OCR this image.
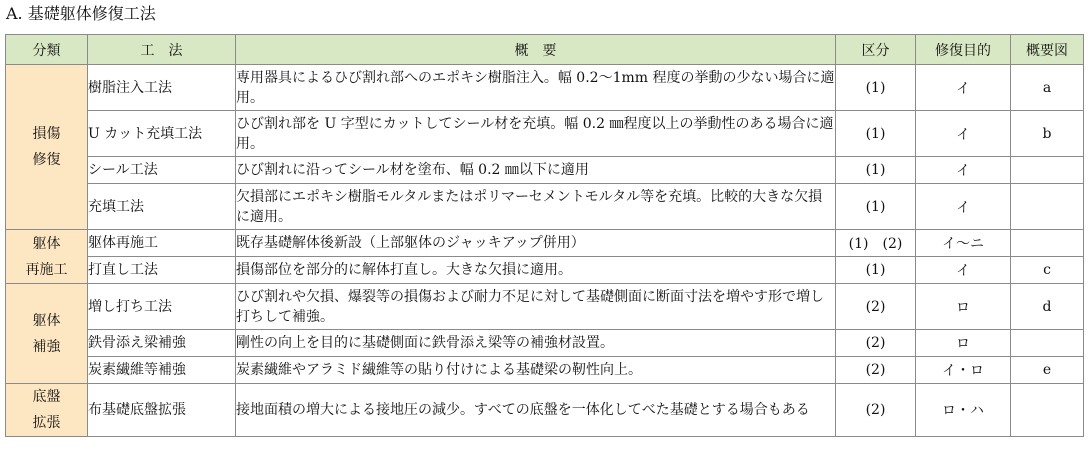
A. 基礎躯体修復工法
分類	工　法	概　要	区分	修復目的	概要図

損傷
修復	樹脂注入工法	専用器具によるひび割れ部へのエポキシ樹脂注入。幅 0.2～1mm 程度の挙動の少ない場合に適用。	(1)	イ	a
	U カット充填工法	ひび割れ部を U 字型にカットしてシール材を充填。幅 0.2 ㎜程度以上の挙動性のある場合に適用。	(1)	イ	b
	シール工法	ひび割れに沿ってシール材を塗布、幅 0.2 ㎜以下に適用	(1)	イ	
	充填工法	欠損部にエポキシ樹脂モルタルまたはポリマーセメントモルタル等を充填。比較的大きな欠損に適用。	(1)	イ	

躯体
再施工	躯体再施工	既存基礎解体後新設（上部躯体のジャッキアップ併用）	(1)　(2)	イ～ニ	
	打直し工法	損傷部位を部分的に解体打直し。大きな欠損に適用。	(1)	イ	c

躯体
補強	増し打ち工法	ひび割れや欠損、爆裂等の損傷および耐力不足に対して基礎側面に断面寸法を増やす形で増し打ちして補強。	(2)	ロ	d
	鉄骨添え梁補強	剛性の向上を目的に基礎側面に鉄骨添え梁等の補強材設置。	(2)	ロ	
	炭素繊維等補強	炭素繊維やアラミド繊維等の貼り付けによる基礎梁の靭性向上。	(2)	イ・ロ	e

底盤
拡張	布基礎底盤拡張	接地面積の増大による接地圧の減少。すべての底盤を一体化してべた基礎とする場合もある	(2)	ロ・ハ	
